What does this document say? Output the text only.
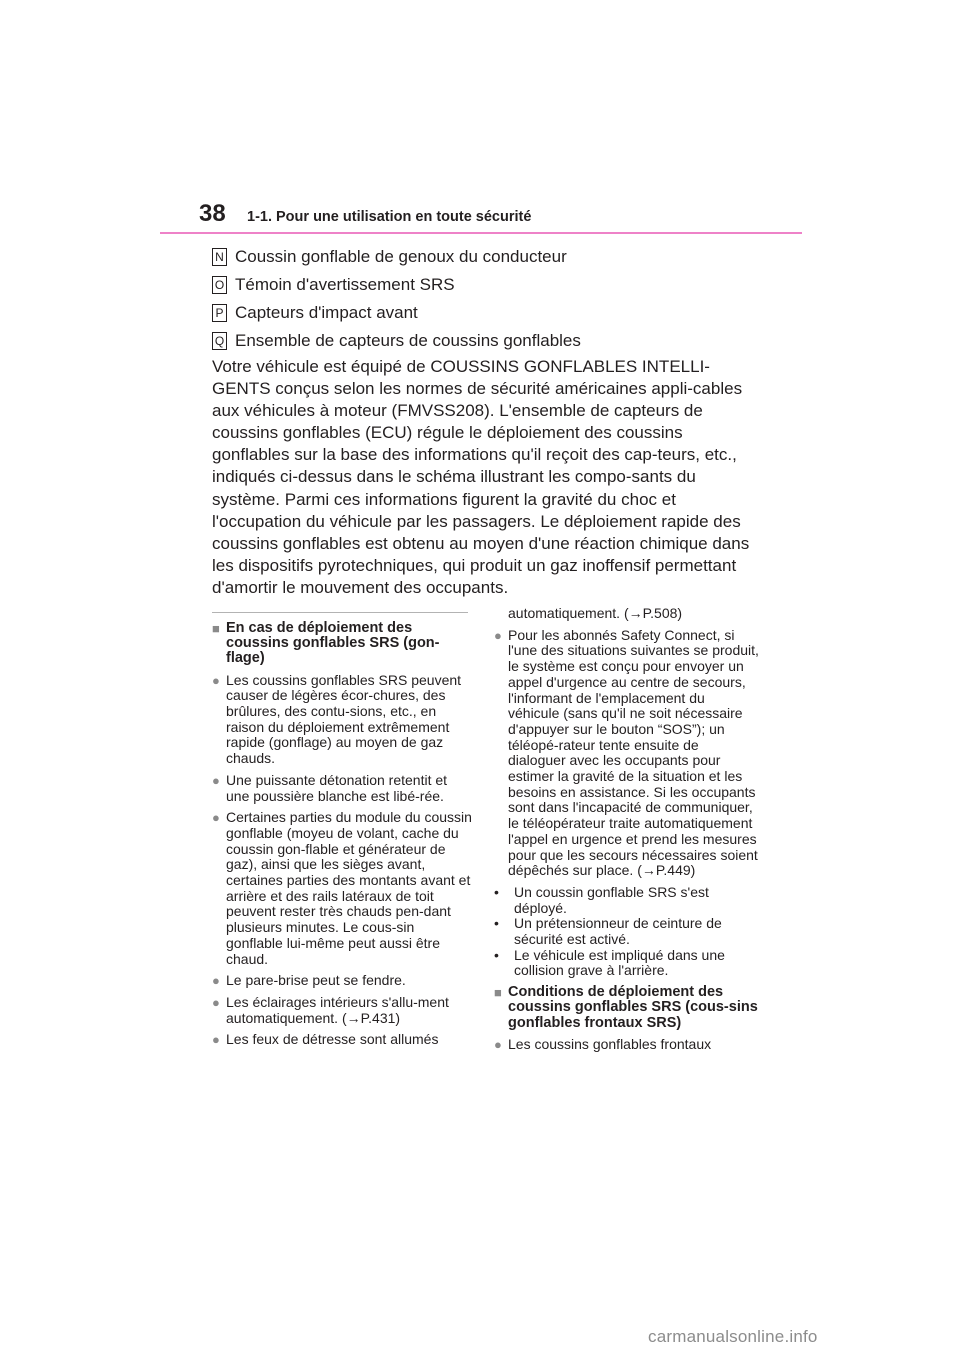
38 1-1. Pour une utilisation en toute sécurité
N Coussin gonflable de genoux du conducteur
O Témoin d'avertissement SRS
P Capteurs d'impact avant
Q Ensemble de capteurs de coussins gonflables

Votre véhicule est équipé de COUSSINS GONFLABLES INTELLI-GENTS conçus selon les normes de sécurité américaines appli-cables aux véhicules à moteur (FMVSS208). L'ensemble de capteurs de coussins gonflables (ECU) régule le déploiement des coussins gonflables sur la base des informations qu'il reçoit des cap-teurs, etc., indiqués ci-dessus dans le schéma illustrant les compo-sants du système. Parmi ces informations figurent la gravité du choc et l'occupation du véhicule par les passagers. Le déploiement rapide des coussins gonflables est obtenu au moyen d'une réaction chimique dans les dispositifs pyrotechniques, qui produit un gaz inoffensif permettant d'amortir le mouvement des occupants.

■ En cas de déploiement des coussins gonflables SRS (gon-flage)
● Les coussins gonflables SRS peuvent causer de légères écor-chures, des brûlures, des contu-sions, etc., en raison du déploiement extrêmement rapide (gonflage) au moyen de gaz chauds.
● Une puissante détonation retentit et une poussière blanche est libé-rée.
● Certaines parties du module du coussin gonflable (moyeu de volant, cache du coussin gon-flable et générateur de gaz), ainsi que les sièges avant, certaines parties des montants avant et arrière et des rails latéraux de toit peuvent rester très chauds pen-dant plusieurs minutes. Le cous-sin gonflable lui-même peut aussi être chaud.
● Le pare-brise peut se fendre.
● Les éclairages intérieurs s'allu-ment automatiquement. (→P.431)
● Les feux de détresse sont allumés
automatiquement. (→P.508)
● Pour les abonnés Safety Connect, si l'une des situations suivantes se produit, le système est conçu pour envoyer un appel d'urgence au centre de secours, l'informant de l'emplacement du véhicule (sans qu'il ne soit nécessaire d'appuyer sur le bouton “SOS”); un téléopé-rateur tente ensuite de dialoguer avec les occupants pour estimer la gravité de la situation et les besoins en assistance. Si les occupants sont dans l'incapacité de communiquer, le téléopérateur traite automatiquement l'appel en urgence et prend les mesures pour que les secours nécessaires soient dépêchés sur place. (→P.449)
•	Un coussin gonflable SRS s'est déployé.
•	Un prétensionneur de ceinture de sécurité est activé.
•	Le véhicule est impliqué dans une collision grave à l'arrière.
■ Conditions de déploiement des coussins gonflables SRS (cous-sins gonflables frontaux SRS)
● Les coussins gonflables frontaux
carmanualsonline.info
